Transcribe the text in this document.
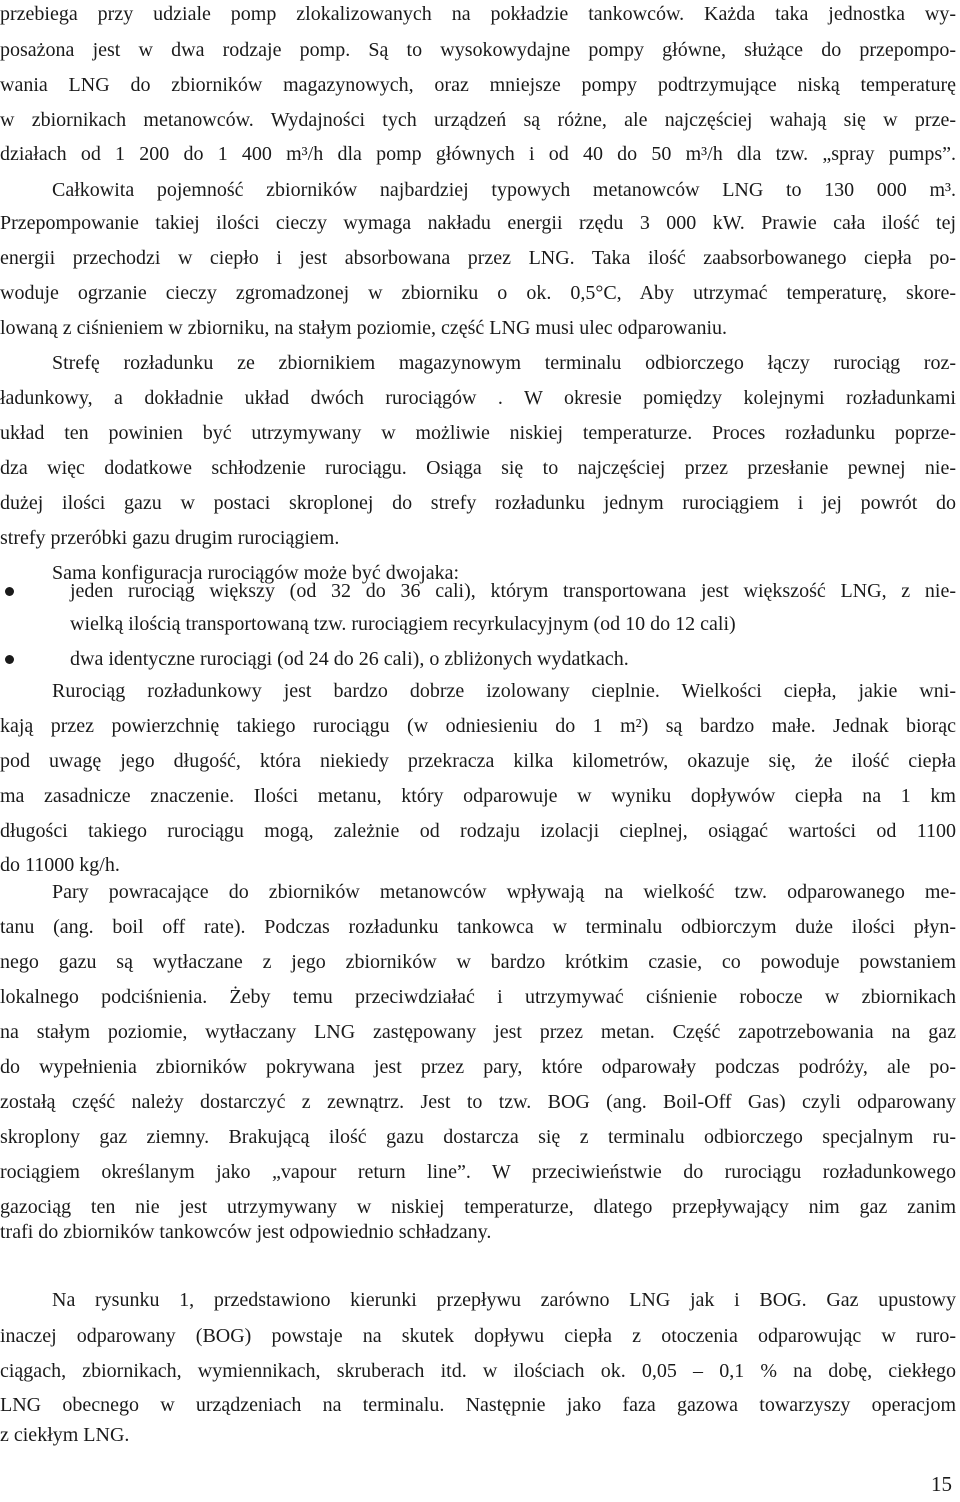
przebiega przy udziale pomp zlokalizowanych na pokładzie tankowców. Każda taka jednostka wy-
posażona jest w dwa rodzaje pomp. Są to wysokowydajne pompy główne, służące do przepompo-
wania LNG do zbiorników magazynowych, oraz mniejsze pompy podtrzymujące niską temperaturę
w zbiornikach metanowców. Wydajności tych urządzeń są różne, ale najczęściej wahają się w prze-
działach od 1 200 do 1 400 m³/h dla pomp głównych i od 40 do 50 m³/h dla tzw. „spray pumps”.
Całkowita pojemność zbiorników najbardziej typowych metanowców LNG to 130 000 m³.
Przepompowanie takiej ilości cieczy wymaga nakładu energii rzędu 3 000 kW. Prawie cała ilość tej
energii przechodzi w ciepło i jest absorbowana przez LNG. Taka ilość zaabsorbowanego ciepła po-
woduje ogrzanie cieczy zgromadzonej w zbiorniku o ok. 0,5°C, Aby utrzymać temperaturę, skore-
lowaną z ciśnieniem w zbiorniku, na stałym poziomie, część LNG musi ulec odparowaniu.
Strefę rozładunku ze zbiornikiem magazynowym terminalu odbiorczego łączy rurociąg roz-
ładunkowy, a dokładnie układ dwóch rurociągów . W okresie pomiędzy kolejnymi rozładunkami
układ ten powinien być utrzymywany w możliwie niskiej temperaturze. Proces rozładunku poprze-
dza więc dodatkowe schłodzenie rurociągu. Osiąga się to najczęściej przez przesłanie pewnej nie-
dużej ilości gazu w postaci skroplonej do strefy rozładunku jednym rurociągiem i jej powrót do
strefy przeróbki gazu drugim rurociągiem.
Sama konfiguracja rurociągów może być dwojaka:
jeden rurociąg większy (od 32 do 36 cali), którym transportowana jest większość LNG, z nie-
wielką ilością transportowaną tzw. rurociągiem recyrkulacyjnym (od 10 do 12 cali)
dwa identyczne rurociągi (od 24 do 26 cali), o zbliżonych wydatkach.
Rurociąg rozładunkowy jest bardzo dobrze izolowany cieplnie. Wielkości ciepła, jakie wni-
kają przez powierzchnię takiego rurociągu (w odniesieniu do 1 m²) są bardzo małe. Jednak biorąc
pod uwagę jego długość, która niekiedy przekracza kilka kilometrów, okazuje się, że ilość ciepła
ma zasadnicze znaczenie. Ilości metanu, który odparowuje w wyniku dopływów ciepła na 1 km
długości takiego rurociągu mogą, zależnie od rodzaju izolacji cieplnej, osiągać wartości od 1100
do 11000 kg/h.
Pary powracające do zbiorników metanowców wpływają na wielkość tzw. odparowanego me-
tanu (ang. boil off rate). Podczas rozładunku tankowca w terminalu odbiorczym duże ilości płyn-
nego gazu są wytłaczane z jego zbiorników w bardzo krótkim czasie, co powoduje powstaniem
lokalnego podciśnienia. Żeby temu przeciwdziałać i utrzymywać ciśnienie robocze w zbiornikach
na stałym poziomie, wytłaczany LNG zastępowany jest przez metan. Część zapotrzebowania na gaz
do wypełnienia zbiorników pokrywana jest przez pary, które odparowały podczas podróży, ale po-
zostałą część należy dostarczyć z zewnątrz. Jest to tzw. BOG (ang. Boil-Off Gas) czyli odparowany
skroplony gaz ziemny. Brakującą ilość gazu dostarcza się z terminalu odbiorczego specjalnym ru-
rociągiem określanym jako „vapour return line”. W przeciwieństwie do rurociągu rozładunkowego
gazociąg ten nie jest utrzymywany w niskiej temperaturze, dlatego przepływający nim gaz zanim
trafi do zbiorników tankowców jest odpowiednio schładzany.
Na rysunku 1, przedstawiono kierunki przepływu zarówno LNG jak i BOG. Gaz upustowy
inaczej odparowany (BOG) powstaje na skutek dopływu ciepła z otoczenia odparowując w ruro-
ciągach, zbiornikach, wymiennikach, skruberach itd. w ilościach ok. 0,05 – 0,1 % na dobę, ciekłego
LNG obecnego w urządzeniach na terminalu. Następnie jako faza gazowa towarzyszy operacjom
z ciekłym LNG.
15
